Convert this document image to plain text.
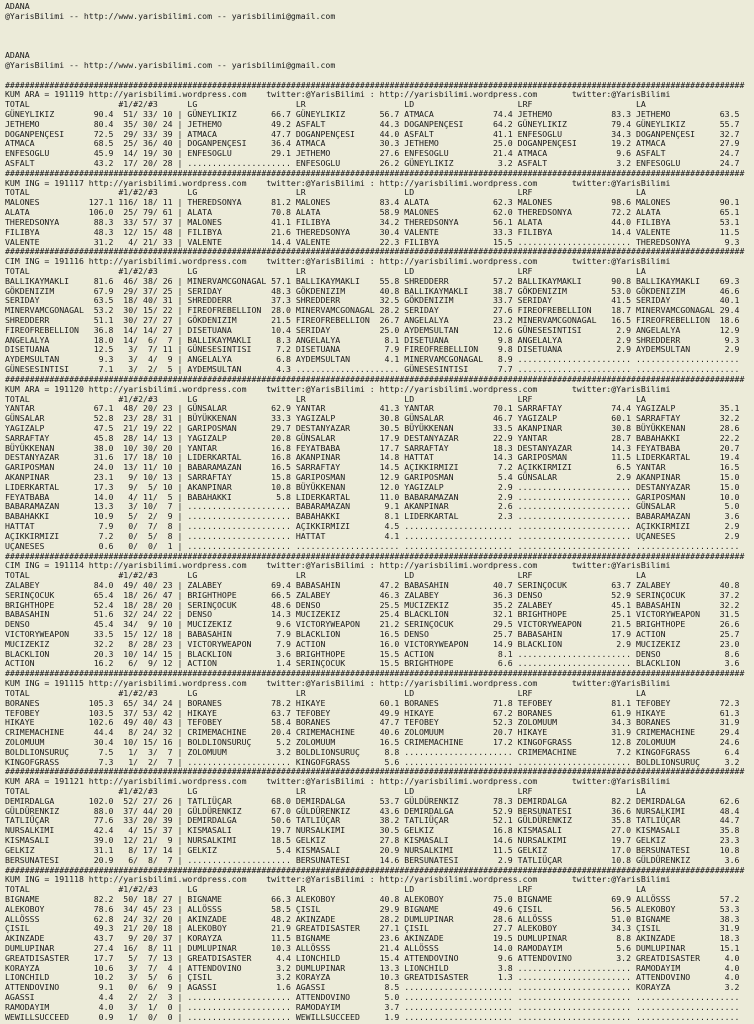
ADANA
@YarisBilimi -- http://www.yarisbilimi.com -- yarisbilimi@gmail.com

ADANA
@YarisBilimi -- http://www.yarisbilimi.com -- yarisbilimi@gmail.com

######################################################################################################################################################
KUM ARA = 191119 http://yarisbilimi.wordpress.com    twitter:@YarisBilimi : http://yarisbilimi.wordpress.com       twitter:@YarisBilimi
TOTAL                  #1/#2/#3      LG                    LR                    LD                     LRF                     LA
GÜNEYLIKIZ        90.4  51/ 33/ 10 | GÜNEYLIKIZ       66.7 GÜNEYLIKIZ       56.7 ATMACA            74.4 JETHEMO            83.3 JETHEMO          63.5
JETHEMO           80.4  35/ 30/ 24 | JETHEMO          49.2 ASFALT           44.3 DOGANPENÇESI      64.2 GÜNEYLIKIZ         79.4 GÜNEYLIKIZ       55.7
DOGANPENÇESI      72.5  29/ 33/ 39 | ATMACA           47.7 DOGANPENÇESI     44.0 ASFALT            41.1 ENFESOGLU          34.3 DOGANPENÇESI     32.7
ATMACA            68.5  25/ 36/ 40 | DOGANPENÇESI     36.4 ATMACA           30.3 JETHEMO           25.0 DOGANPENÇESI       19.2 ATMACA           27.9
ENFESOGLU         45.9  14/ 19/ 30 | ENFESOGLU        29.1 JETHEMO          27.6 ENFESOGLU         21.4 ATMACA              9.6 ASFALT           24.7
ASFALT            43.2  17/ 20/ 28 | ..................... ENFESOGLU        26.2 GÜNEYLIKIZ         3.2 ASFALT              3.2 ENFESOGLU        24.7
######################################################################################################################################################
KUM ING = 191117 http://yarisbilimi.wordpress.com    twitter:@YarisBilimi : http://yarisbilimi.wordpress.com       twitter:@YarisBilimi
TOTAL                  #1/#2/#3      LG                    LR                    LD                     LRF                     LA
MALONES          127.1 116/ 18/ 11 | THEREDSONYA      81.2 MALONES          83.4 ALATA             62.3 MALONES            98.6 MALONES          90.1
ALATA            106.0  25/ 79/ 61 | ALATA            70.8 ALATA            58.9 MALONES           62.0 THEREDSONYA        72.2 ALATA            65.1
THEREDSONYA       88.3  33/ 57/ 37 | MALONES          41.1 FILIBYA          34.2 THEREDSONYA       56.1 ALATA              44.0 FILIBYA          53.1
FILIBYA           48.3  12/ 15/ 48 | FILIBYA          21.6 THEREDSONYA      30.4 VALENTE           33.3 FILIBYA            14.4 VALENTE          11.5
VALENTE           31.2   4/ 21/ 33 | VALENTE          14.4 VALENTE          22.3 FILIBYA           15.5 ....................... THEREDSONYA       9.3
######################################################################################################################################################
CIM ING = 191116 http://yarisbilimi.wordpress.com    twitter:@YarisBilimi : http://yarisbilimi.wordpress.com       twitter:@YarisBilimi
TOTAL                  #1/#2/#3      LG                    LR                    LD                     LRF                     LA
BALLIKAYMAKLI     81.6  46/ 38/ 26 | MINERVAMCGONAGAL 57.1 BALLIKAYMAKLI    55.8 SHREDDERR         57.2 BALLIKAYMAKLI      90.8 BALLIKAYMAKLI    69.3
GÖKDENIZIM        67.9  29/ 37/ 25 | SERIDAY          48.3 GÖKDENIZIM       40.8 BALLIKAYMAKLI     38.7 GÖKDENIZIM         53.0 GÖKDENIZIM       46.6
SERIDAY           63.5  18/ 40/ 31 | SHREDDERR        37.3 SHREDDERR        32.5 GÖKDENIZIM        33.7 SERIDAY            41.5 SERIDAY          40.1
MINERVAMCGONAGAL  53.2  30/ 15/ 22 | FIREOFREBELLION  28.0 MINERVAMCGONAGAL 28.2 SERIDAY           27.6 FIREOFREBELLION    18.7 MINERVAMCGONAGAL 29.4
SHREDDERR         51.1  30/ 27/ 27 | GÖKDENIZIM       21.5 FIREOFREBELLION  26.7 ANGELALYA         23.2 MINERVAMCGONAGAL   16.5 FIREOFREBELLION  18.6
FIREOFREBELLION   36.8  14/ 14/ 27 | DISETUANA        10.4 SERIDAY          25.0 AYDEMSULTAN       12.6 GÜNESESINTISI       2.9 ANGELALYA        12.9
ANGELALYA         18.0  14/  6/  7 | BALLIKAYMAKLI     8.3 ANGELALYA         8.1 DISETUANA          9.8 ANGELALYA           2.9 SHREDDERR         9.3
DISETUANA         12.5   3/  7/ 11 | GÜNESESINTISI     7.2 DISETUANA         7.9 FIREOFREBELLION    9.8 DISETUANA           2.9 AYDEMSULTAN       2.9
AYDEMSULTAN        9.3   3/  4/  9 | ANGELALYA         6.8 AYDEMSULTAN       4.1 MINERVAMCGONAGAL   8.9 ....................... .....................
GÜNESESINTISI      7.1   3/  2/  5 | AYDEMSULTAN       4.3 ..................... GÜNESESINTISI      7.7 ....................... .....................
######################################################################################################################################################
KUM ARA = 191120 http://yarisbilimi.wordpress.com    twitter:@YarisBilimi : http://yarisbilimi.wordpress.com       twitter:@YarisBilimi
TOTAL                  #1/#2/#3      LG                    LR                    LD                     LRF                     LA
YANTAR            67.1  48/ 20/ 23 | GÜNSALAR         62.9 YANTAR           41.3 YANTAR            70.1 SARRAFTAY          74.4 YAGIZALP         35.1
GÜNSALAR          52.8  23/ 28/ 31 | BÜYÜKKENAN       33.3 YAGIZALP         30.8 GÜNSALAR          46.7 YAGIZALP           60.1 SARRAFTAY        32.2
YAGIZALP          47.5  21/ 19/ 22 | GARIPOSMAN       29.7 DESTANYAZAR      30.5 BÜYÜKKENAN        33.5 AKANPINAR          30.8 BÜYÜKKENAN       28.6
SARRAFTAY         45.8  28/ 14/ 13 | YAGIZALP         20.8 GÜNSALAR         17.9 DESTANYAZAR       22.9 YANTAR             28.7 BABAHAKKI        22.2
BÜYÜKKENAN        38.0  10/ 30/ 20 | YANTAR           16.8 FEYATBABA        17.7 SARRAFTAY         18.3 DESTANYAZAR        14.3 FEYATBABA        20.7
DESTANYAZAR       31.6  17/ 18/ 10 | LIDERKARTAL      16.8 AKANPINAR        14.8 HATTAT            14.3 GARIPOSMAN         11.5 LIDERKARTAL      19.4
GARIPOSMAN        24.0  13/ 11/ 10 | BABARAMAZAN      16.5 SARRAFTAY        14.5 AÇIKKIRMIZI        7.2 AÇIKKIRMIZI         6.5 YANTAR           16.5
AKANPINAR         23.1   9/ 10/ 13 | SARRAFTAY        15.8 GARIPOSMAN       12.9 GARIPOSMAN         5.4 GÜNSALAR            2.9 AKANPINAR        15.0
LIDERKARTAL       17.3   9/  5/ 10 | AKANPINAR        10.8 BÜYÜKKENAN       12.0 YAGIZALP           2.9 ....................... DESTANYAZAR      15.0
FEYATBABA         14.0   4/ 11/  5 | BABAHAKKI         5.8 LIDERKARTAL      11.0 BABARAMAZAN        2.9 ....................... GARIPOSMAN       10.0
BABARAMAZAN       13.3   3/ 10/  7 | ..................... BABARAMAZAN       9.1 AKANPINAR          2.6 ....................... GÜNSALAR          5.0
BABAHAKKI         10.9   5/  2/  9 | ..................... BABAHAKKI         8.1 LIDERKARTAL        2.3 ....................... BABARAMAZAN       3.6
HATTAT             7.9   0/  7/  8 | ..................... AÇIKKIRMIZI       4.5 ...................... ....................... AÇIKKIRMIZI       2.9
AÇIKKIRMIZI        7.2   0/  5/  8 | ..................... HATTAT            4.1 ...................... ....................... UÇANESES          2.9
UÇANESES           0.6   0/  0/  1 | ..................... ..................... ...................... ....................... .....................
######################################################################################################################################################
CIM ING = 191114 http://yarisbilimi.wordpress.com    twitter:@YarisBilimi : http://yarisbilimi.wordpress.com       twitter:@YarisBilimi
TOTAL                  #1/#2/#3      LG                    LR                    LD                     LRF                     LA
ZALABEY           84.0  49/ 40/ 23 | ZALABEY          69.4 BABASAHIN        47.2 BABASAHIN         40.7 SERINÇOCUK         63.7 ZALABEY          40.8
SERINÇOCUK        65.4  18/ 26/ 47 | BRIGHTHOPE       66.5 ZALABEY          46.3 ZALABEY           36.3 DENSO              52.9 SERINÇOCUK       37.2
BRIGHTHOPE        52.4  18/ 28/ 20 | SERINÇOCUK       48.6 DENSO            25.5 MUCIZEKIZ         35.2 ZALABEY            45.1 BABASAHIN        32.2
BABASAHIN         51.6  32/ 24/ 22 | DENSO            14.3 MUCIZEKIZ        25.4 BLACKLION         32.1 BRIGHTHOPE         25.1 VICTORYWEAPON    31.5
DENSO             45.4  34/  9/ 10 | MUCIZEKIZ         9.6 VICTORYWEAPON    21.2 SERINÇOCUK        29.5 VICTORYWEAPON      21.5 BRIGHTHOPE       26.6
VICTORYWEAPON     33.5  15/ 12/ 18 | BABASAHIN         7.9 BLACKLION        16.5 DENSO             25.7 BABASAHIN          17.9 ACTION           25.7
MUCIZEKIZ         32.2   8/ 28/ 23 | VICTORYWEAPON     7.9 ACTION           16.0 VICTORYWEAPON     14.9 BLACKLION           2.9 MUCIZEKIZ        23.0
BLACKLION         20.3  10/ 14/ 15 | BLACKLION         3.6 BRIGHTHOPE       15.5 ACTION             8.1 ....................... DENSO             8.6
ACTION            16.2   6/  9/ 12 | ACTION            1.4 SERINÇOCUK       15.5 BRIGHTHOPE         6.6 ....................... BLACKLION         3.6
######################################################################################################################################################
KUM ING = 191115 http://yarisbilimi.wordpress.com    twitter:@YarisBilimi : http://yarisbilimi.wordpress.com       twitter:@YarisBilimi
TOTAL                  #1/#2/#3      LG                    LR                    LD                     LRF                     LA
BORANES          105.3  65/ 34/ 24 | BORANES          78.2 HIKAYE           60.1 BORANES           71.8 TEFOBEY            81.1 TEFOBEY          72.3
TEFOBEY          103.5  37/ 53/ 42 | HIKAYE           63.7 TEFOBEY          49.9 HIKAYE            67.2 BORANES            61.9 HIKAYE           61.3
HIKAYE           102.6  49/ 40/ 43 | TEFOBEY          58.4 BORANES          47.7 TEFOBEY           52.3 ZOLOMUUM           34.3 BORANES          31.9
CRIMEMACHINE      44.4   8/ 24/ 32 | CRIMEMACHINE     20.4 CRIMEMACHINE     40.6 ZOLOMUUM          20.7 HIKAYE             31.9 CRIMEMACHINE     29.4
ZOLOMUUM          30.4  10/ 15/ 16 | BOLDLIONSURUÇ     5.2 ZOLOMUUM         16.5 CRIMEMACHINE      17.2 KINGOFGRASS        12.8 ZOLOMUUM         24.6
BOLDLIONSURUÇ      7.5   1/  3/  7 | ZOLOMUUM          3.2 BOLDLIONSURUÇ     8.8 ...................... CRIMEMACHINE        7.2 KINGOFGRASS       6.4
KINGOFGRASS        7.3   1/  2/  7 | ..................... KINGOFGRASS       5.6 ...................... ....................... BOLDLIONSURUÇ     3.2
######################################################################################################################################################
KUM ARA = 191121 http://yarisbilimi.wordpress.com    twitter:@YarisBilimi : http://yarisbilimi.wordpress.com       twitter:@YarisBilimi
TOTAL                  #1/#2/#3      LG                    LR                    LD                     LRF                     LA
DEMIRDALGA       102.0  52/ 27/ 26 | TATLIÜÇAR        68.0 DEMIRDALGA       53.7 GÜLDÜRENKIZ       78.3 DEMIRDALGA         82.2 DEMIRDALGA       62.6
GÜLDÜRENKIZ       88.0  37/ 44/ 20 | GÜLDÜRENKIZ      67.0 GÜLDÜRENKIZ      43.6 DEMIRDALGA        52.9 BERSUNATESI        36.6 NURSALKIMI       48.4
TATLIÜÇAR         77.6  33/ 20/ 39 | DEMIRDALGA       50.6 TATLIÜÇAR        38.2 TATLIÜÇAR         52.1 GÜLDÜRENKIZ        35.8 TATLIÜÇAR        44.7
NURSALKIMI        42.4   4/ 15/ 37 | KISMASALI        19.7 NURSALKIMI       30.5 GELKIZ            16.8 KISMASALI          27.0 KISMASALI        35.8
KISMASALI         39.0  12/ 21/  9 | NURSALKIMI       18.5 GELKIZ           27.8 KISMASALI         14.6 NURSALKIMI         19.7 GELKIZ           23.3
GELKIZ            31.1   8/ 17/ 14 | GELKIZ            5.4 KISMASALI        20.9 NURSALKIMI        11.5 GELKIZ             17.0 BERSUNATESI      10.8
BERSUNATESI       20.9   6/  8/  7 | ..................... BERSUNATESI      14.6 BERSUNATESI        2.9 TATLIÜÇAR          10.8 GÜLDÜRENKIZ       3.6
######################################################################################################################################################
KUM ING = 191118 http://yarisbilimi.wordpress.com    twitter:@YarisBilimi : http://yarisbilimi.wordpress.com       twitter:@YarisBilimi
TOTAL                  #1/#2/#3      LG                    LR                    LD                     LRF                     LA
BIGNAME           82.2  50/ 18/ 27 | BIGNAME          66.3 ALEKOBOY         40.8 ALEKOBOY          75.0 BIGNAME            69.9 ALLÖSSS          57.2
ALEKOBOY          78.6  34/ 45/ 23 | ALLÖSSS          58.5 ÇISIL            29.9 BIGNAME           49.6 ÇISIL              56.5 ALEKOBOY         53.3
ALLÖSSS           62.8  24/ 32/ 20 | AKINZADE         48.2 AKINZADE         28.2 DUMLUPINAR        28.6 ALLÖSSS            51.0 BIGNAME          38.3
ÇISIL             49.3  21/ 20/ 18 | ALEKOBOY         21.9 GREATDISASTER    27.1 ÇISIL             27.7 ALEKOBOY           34.3 ÇISIL            31.9
AKINZADE          43.7   9/ 20/ 37 | KORAYZA          11.5 BIGNAME          23.6 AKINZADE          19.5 DUMLUPINAR          8.8 AKINZADE         18.3
DUMLUPINAR        27.4  16/  8/ 11 | DUMLUPINAR       10.3 ALLÖSSS          21.4 ALLÖSSS           14.0 RAMODAYIM           5.6 DUMLUPINAR       15.1
GREATDISASTER     17.7   5/  7/ 13 | GREATDISASTER     4.4 LIONCHILD        15.4 ATTENDOVINO        9.6 ATTENDOVINO         3.2 GREATDISASTER     4.0
KORAYZA           10.6   3/  7/  4 | ATTENDOVINO       3.2 DUMLUPINAR       13.3 LIONCHILD          3.8 ....................... RAMODAYIM         4.0
LIONCHILD         10.2   3/  5/  6 | ÇISIL             3.2 KORAYZA          10.3 GREATDISASTER      1.3 ....................... ATTENDOVINO       4.0
ATTENDOVINO        9.1   0/  6/  9 | AGASSI            1.6 AGASSI            8.5 ...................... ....................... KORAYZA           3.2
AGASSI             4.4   2/  2/  3 | ..................... ATTENDOVINO       5.0 ...................... ....................... .....................
RAMODAYIM          4.0   3/  1/  0 | ..................... RAMODAYIM         3.7 ...................... ....................... .....................
WEWILLSUCCEED      0.9   1/  0/  0 | ..................... WEWILLSUCCEED     1.9 ...................... ....................... .....................
